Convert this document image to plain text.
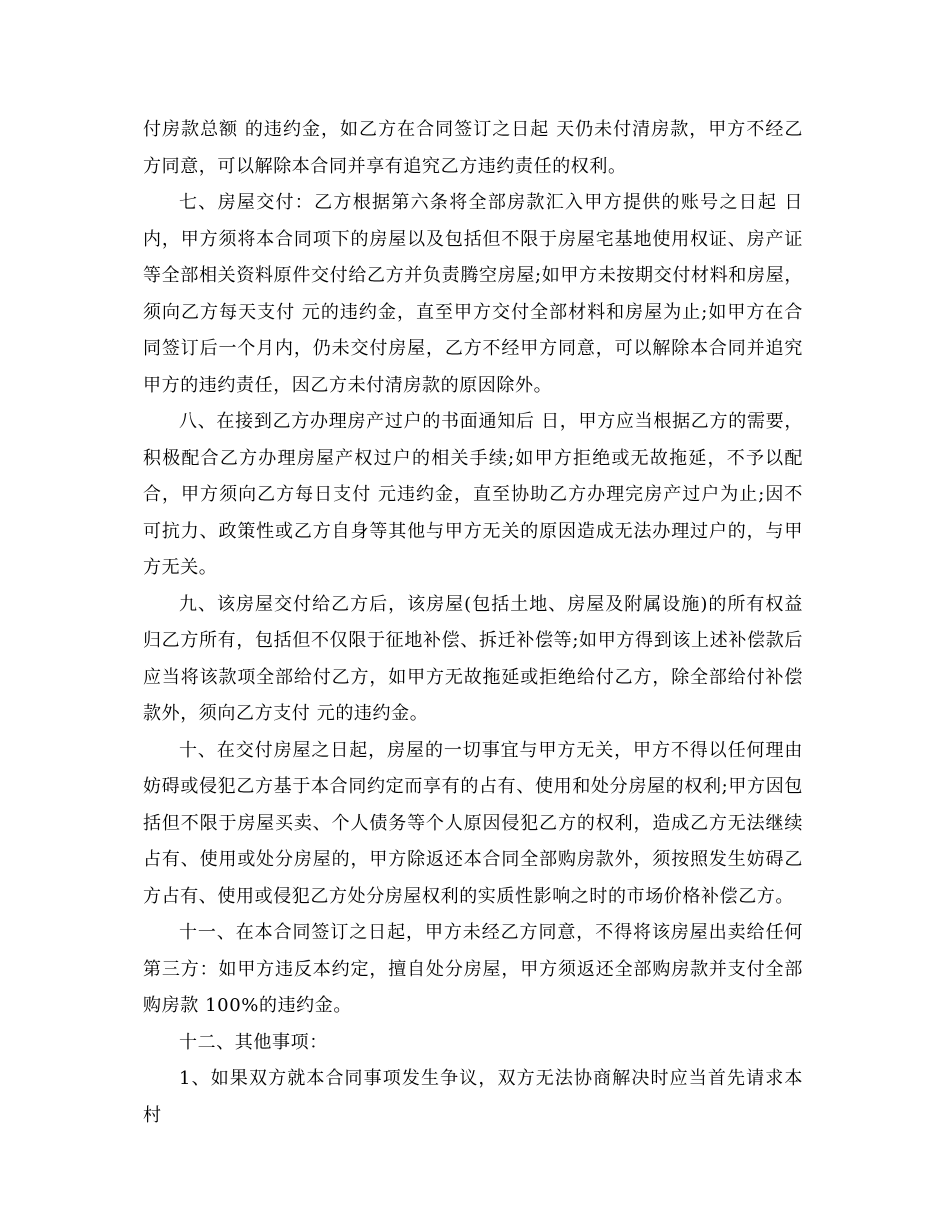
付房款总额 的违约金，如乙方在合同签订之日起 天仍未付清房款，甲方不经乙方同意，可以解除本合同并享有追究乙方违约责任的权利。

七、房屋交付：乙方根据第六条将全部房款汇入甲方提供的账号之日起 日内，甲方须将本合同项下的房屋以及包括但不限于房屋宅基地使用权证、房产证等全部相关资料原件交付给乙方并负责腾空房屋;如甲方未按期交付材料和房屋，须向乙方每天支付 元的违约金，直至甲方交付全部材料和房屋为止;如甲方在合同签订后一个月内，仍未交付房屋，乙方不经甲方同意，可以解除本合同并追究甲方的违约责任，因乙方未付清房款的原因除外。

八、在接到乙方办理房产过户的书面通知后 日，甲方应当根据乙方的需要，积极配合乙方办理房屋产权过户的相关手续;如甲方拒绝或无故拖延，不予以配合，甲方须向乙方每日支付 元违约金，直至协助乙方办理完房产过户为止;因不可抗力、政策性或乙方自身等其他与甲方无关的原因造成无法办理过户的，与甲方无关。

九、该房屋交付给乙方后，该房屋(包括土地、房屋及附属设施)的所有权益归乙方所有，包括但不仅限于征地补偿、拆迁补偿等;如甲方得到该上述补偿款后应当将该款项全部给付乙方，如甲方无故拖延或拒绝给付乙方，除全部给付补偿款外，须向乙方支付 元的违约金。

十、在交付房屋之日起，房屋的一切事宜与甲方无关，甲方不得以任何理由妨碍或侵犯乙方基于本合同约定而享有的占有、使用和处分房屋的权利;甲方因包括但不限于房屋买卖、个人债务等个人原因侵犯乙方的权利，造成乙方无法继续占有、使用或处分房屋的，甲方除返还本合同全部购房款外，须按照发生妨碍乙方占有、使用或侵犯乙方处分房屋权利的实质性影响之时的市场价格补偿乙方。

十一、在本合同签订之日起，甲方未经乙方同意，不得将该房屋出卖给任何第三方：如甲方违反本约定，擅自处分房屋，甲方须返还全部购房款并支付全部购房款 100%的违约金。

十二、其他事项：

1、如果双方就本合同事项发生争议，双方无法协商解决时应当首先请求本村
